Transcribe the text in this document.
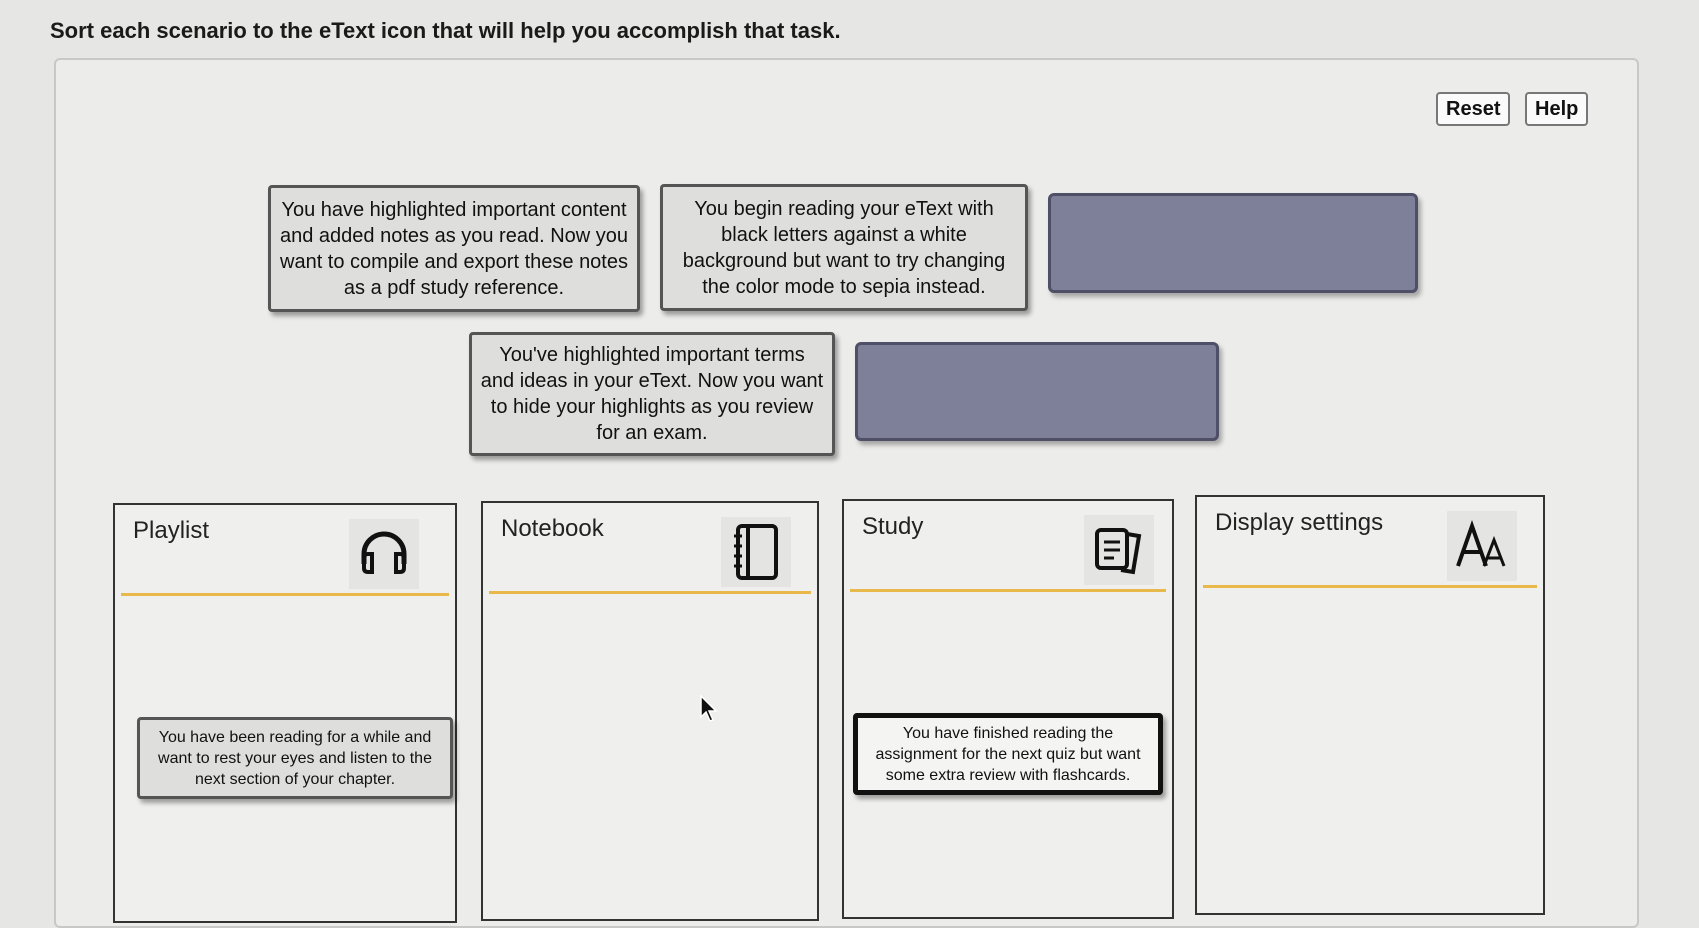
Sort each scenario to the eText icon that will help you accomplish that task.
Reset	Help
You have highlighted important content and added notes as you read. Now you want to compile and export these notes as a pdf study reference.
You begin reading your eText with black letters against a white background but want to try changing the color mode to sepia instead.
You've highlighted important terms and ideas in your eText. Now you want to hide your highlights as you review for an exam.
Playlist	Notebook	Study	Display settings
You have been reading for a while and want to rest your eyes and listen to the next section of your chapter.
You have finished reading the assignment for the next quiz but want some extra review with flashcards.
